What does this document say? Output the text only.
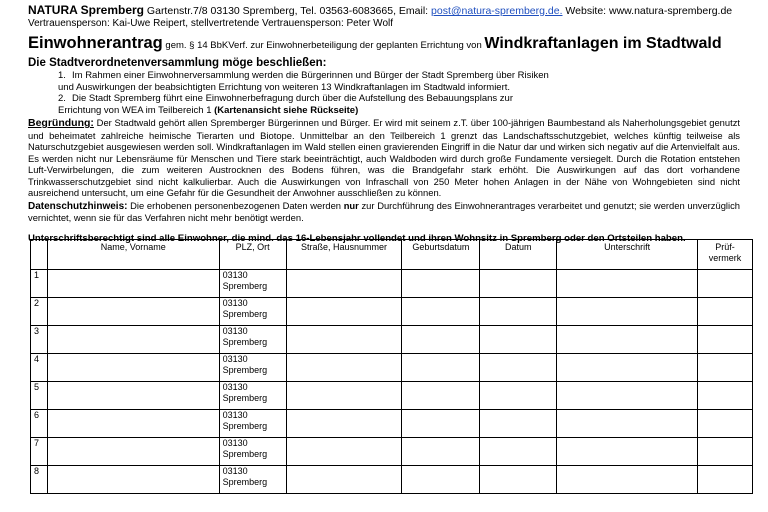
NATURA Spremberg Gartenstr.7/8 03130 Spremberg, Tel. 03563-6083665, Email: post@natura-spremberg.de. Website: www.natura-spremberg.de
Vertrauensperson: Kai-Uwe Reipert, stellvertretende Vertrauensperson: Peter Wolf
Einwohnerantrag gem. § 14 BbKVerf. zur Einwohnerbeteiligung der geplanten Errichtung von Windkraftanlagen im Stadtwald
Die Stadtverordnetenversammlung möge beschließen:
1. Im Rahmen einer Einwohnerversammlung werden die Bürgerinnen und Bürger der Stadt Spremberg über Risiken
und Auswirkungen der beabsichtigten Errichtung von weiteren 13 Windkraftanlagen im Stadtwald informiert.
2. Die Stadt Spremberg führt eine Einwohnerbefragung durch über die Aufstellung des Bebauungsplans zur
Errichtung von WEA im Teilbereich 1 (Kartenansicht siehe Rückseite)
Begründung: Der Stadtwald gehört allen Spremberger Bürgerinnen und Bürger. Er wird mit seinem z.T. über 100-jährigen Baumbestand als Naherholungsgebiet genutzt und beheimatet zahlreiche heimische Tierarten und Biotope. Unmittelbar an den Teilbereich 1 grenzt das Landschaftsschutzgebiet, welches künftig teilweise als Naturschutzgebiet ausgewiesen werden soll. Windkraftanlagen im Wald stellen einen gravierenden Eingriff in die Natur dar und wirken sich negativ auf die Artenvielfalt aus. Es werden nicht nur Lebensräume für Menschen und Tiere stark beeinträchtigt, auch Waldboden wird durch große Fundamente versiegelt. Durch die Rotation entstehen Luft-Verwirbelungen, die zum weiteren Austrocknen des Bodens führen, was die Brandgefahr stark erhöht. Die Auswirkungen auf das dort vorhandene Trinkwasserschutzgebiet sind nicht kalkulierbar. Auch die Auswirkungen von Infraschall von 250 Meter hohen Anlagen in der Nähe von Wohngebieten sind nicht ausreichend untersucht, um eine Gefahr für die Gesundheit der Anwohner ausschließen zu können.
Datenschutzhinweis: Die erhobenen personenbezogenen Daten werden nur zur Durchführung des Einwohnerantrages verarbeitet und genutzt; sie werden unverzüglich vernichtet, wenn sie für das Verfahren nicht mehr benötigt werden.
Unterschriftsberechtigt sind alle Einwohner, die mind. das 16-Lebensjahr vollendet und ihren Wohnsitz in Spremberg oder den Ortsteilen haben.
	Name, Vorname	PLZ, Ort	Straße, Hausnummer	Geburtsdatum	Datum	Unterschrift	Prüf-vermerk
1		03130
Spremberg					
2		03130
Spremberg					
3		03130
Spremberg					
4		03130
Spremberg					
5		03130
Spremberg					
6		03130
Spremberg					
7		03130
Spremberg					
8		03130
Spremberg					
